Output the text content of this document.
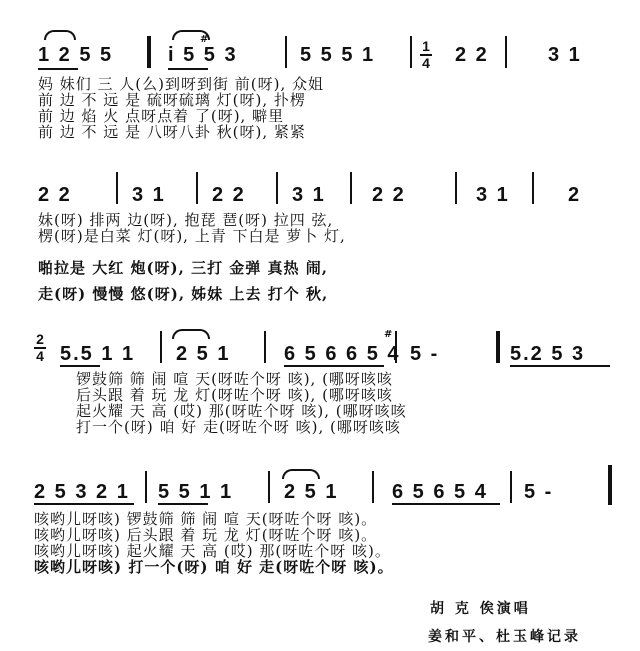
#
1 2 5 5	i 5 5 3	5 5 5 1	1
4 2 2	3 1
妈 妹们 三 人(么)到呀到街 前(呀), 众姐
前 边 不 远 是 硫呀硫璃 灯(呀), 扑楞
前 边 焰 火 点呀点着 了(呀), 噼里
前 边 不 远 是 八呀八卦 秋(呀), 紧紧
2 2	3 1 2 2 3 1 2 2	3 1	2
妹(呀) 排两 边(呀), 抱琵 琶(呀) 拉四 弦,
楞(呀)是白菜 灯(呀), 上青 下白是 萝卜 灯,
啪拉是 大红 炮(呀), 三打 金弹 真热 闹,
走(呀) 慢慢 悠(呀), 姊妹 上去 打个 秋,
#
2
4 5.5 1 1 2 5 1	6 5 6 6 5 4 5 -	5.2 5 3
锣鼓筛 筛 闹 喧 天(呀咗个呀 咳), (哪呀咳咳
后头跟 着 玩 龙 灯(呀咗个呀 咳), (哪呀咳咳
起火耀 天 高 (哎) 那(呀咗个呀 咳), (哪呀咳咳
打一个(呀) 咱 好 走(呀咗个呀 咳), (哪呀咳咳
2 5 3 2 1 5 5 1 1	2 5 1	6 5 6 5 4 5 -
咳哟儿呀咳) 锣鼓筛 筛 闹 喧 天(呀咗个呀 咳)。
咳哟儿呀咳) 后头跟 着 玩 龙 灯(呀咗个呀 咳)。
咳哟儿呀咳) 起火耀 天 高 (哎) 那(呀咗个呀 咳)。
咳哟儿呀咳) 打一个(呀) 咱 好 走(呀咗个呀 咳)。
胡 克 俟演唱
姜和平、杜玉峰记录
